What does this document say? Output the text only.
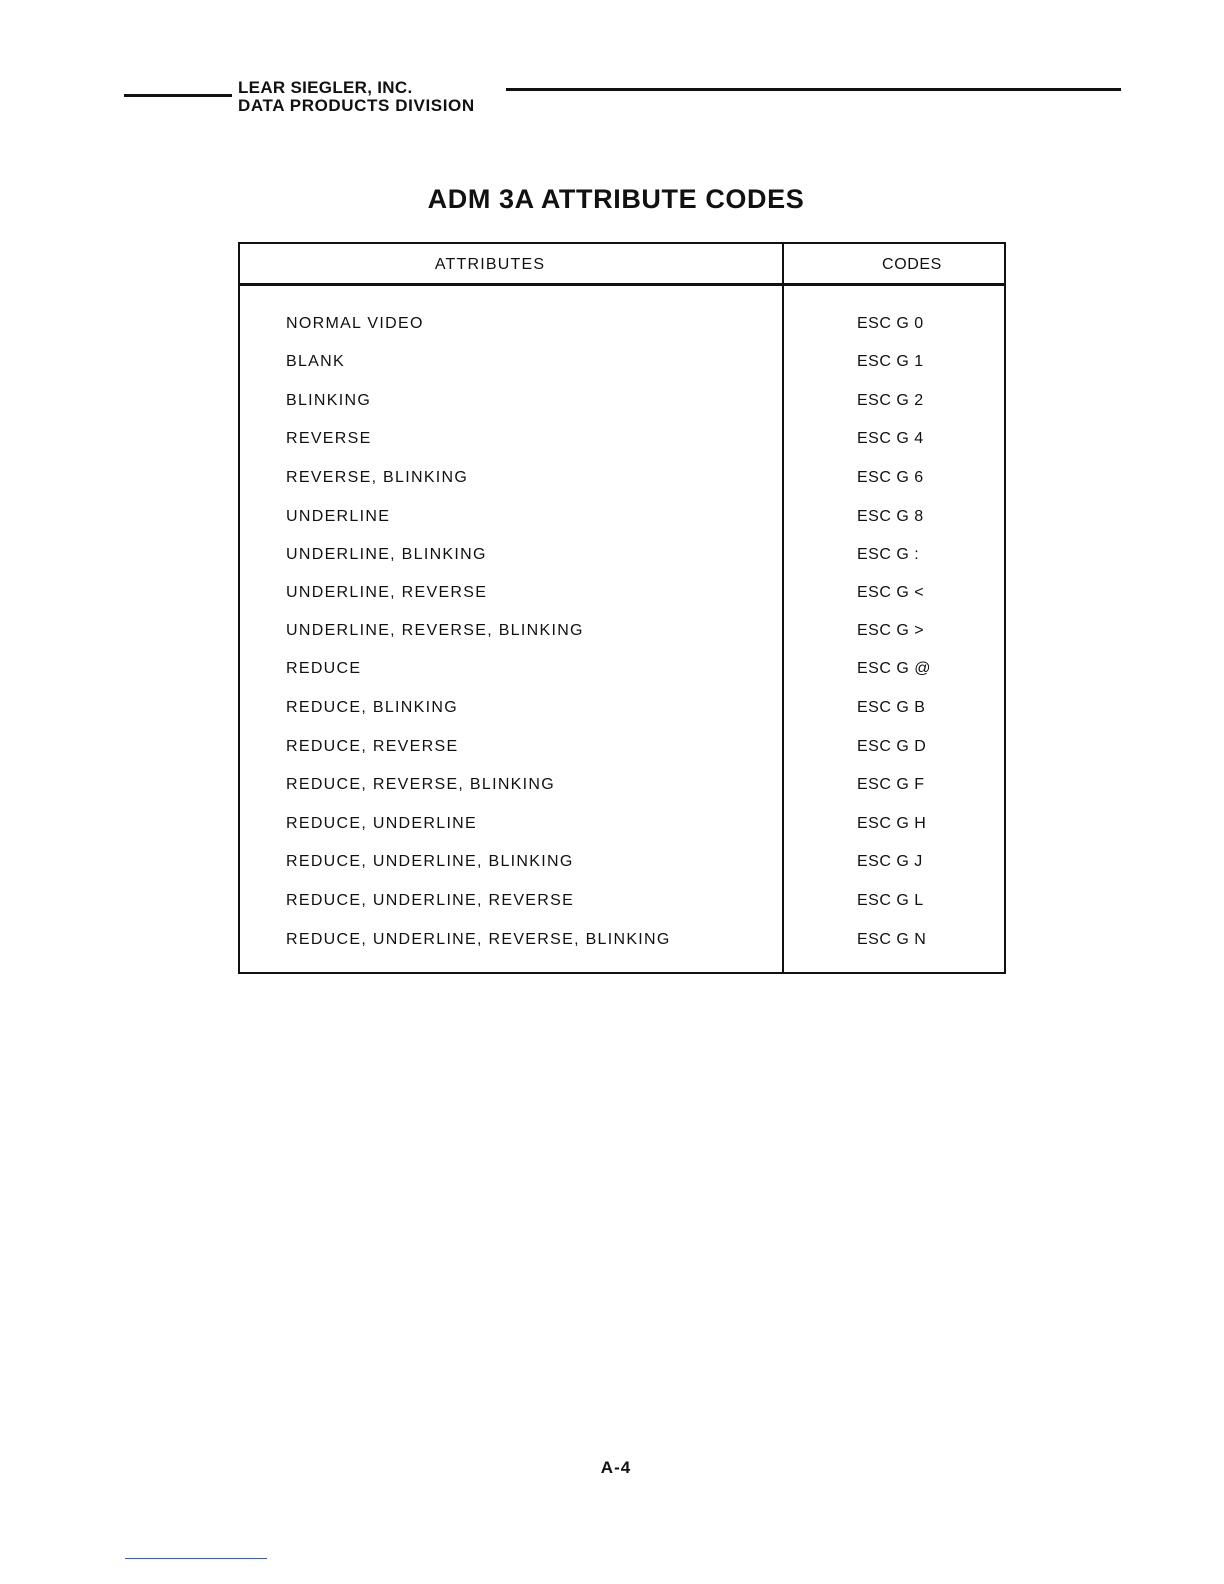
LEAR SIEGLER, INC.
DATA PRODUCTS DIVISION
ADM 3A ATTRIBUTE CODES
ATTRIBUTES	CODES
NORMAL VIDEO	ESC G 0
BLANK	ESC G 1
BLINKING	ESC G 2
REVERSE	ESC G 4
REVERSE, BLINKING	ESC G 6
UNDERLINE	ESC G 8
UNDERLINE, BLINKING	ESC G :
UNDERLINE, REVERSE	ESC G <
UNDERLINE, REVERSE, BLINKING	ESC G >
REDUCE	ESC G @
REDUCE, BLINKING	ESC G B
REDUCE, REVERSE	ESC G D
REDUCE, REVERSE, BLINKING	ESC G F
REDUCE, UNDERLINE	ESC G H
REDUCE, UNDERLINE, BLINKING	ESC G J
REDUCE, UNDERLINE, REVERSE	ESC G L
REDUCE, UNDERLINE, REVERSE, BLINKING	ESC G N
A-4
